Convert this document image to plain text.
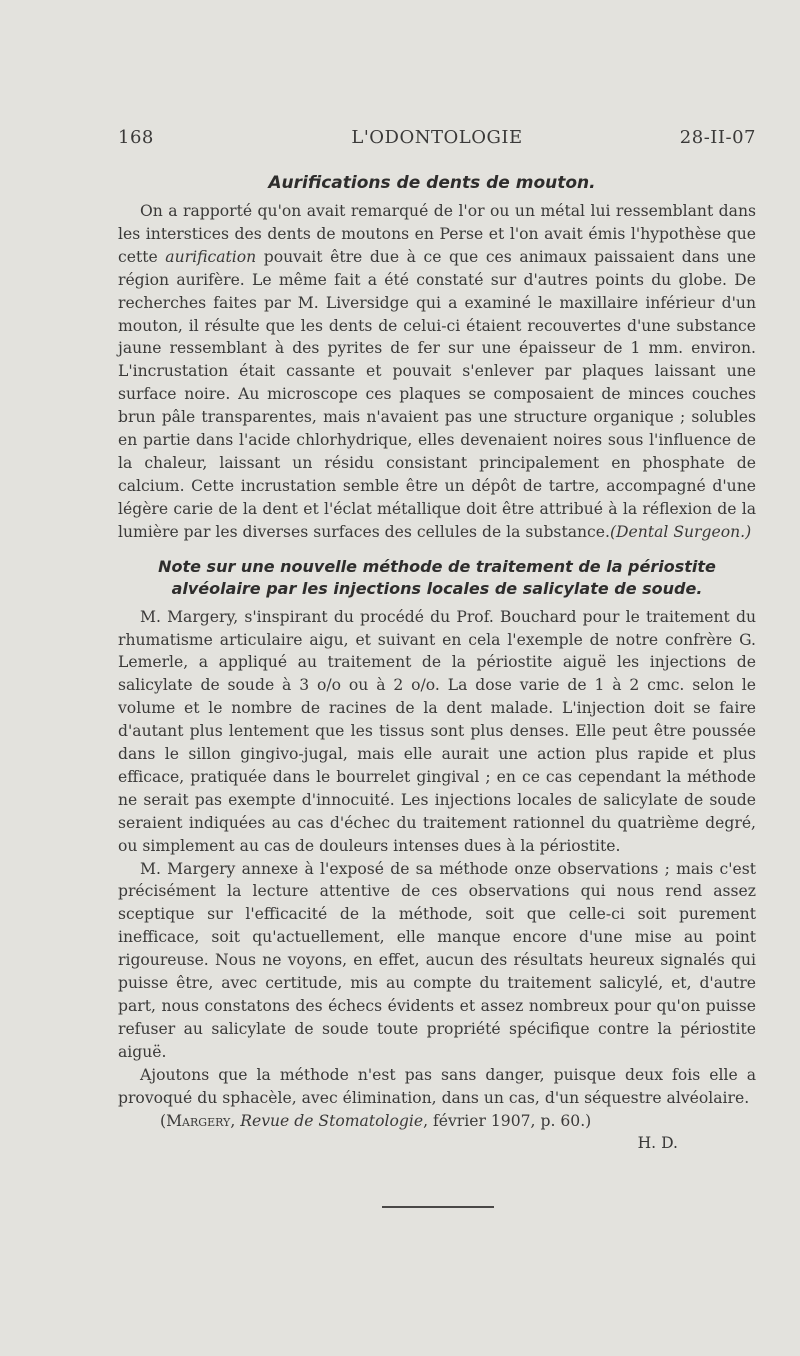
168	L'ODONTOLOGIE	28-II-07
Aurifications de dents de mouton.

On a rapporté qu'on avait remarqué de l'or ou un métal lui ressemblant dans les interstices des dents de moutons en Perse et l'on avait émis l'hypothèse que cette aurification pouvait être due à ce que ces animaux paissaient dans une région aurifère. Le même fait a été constaté sur d'autres points du globe. De recherches faites par M. Liversidge qui a examiné le maxillaire inférieur d'un mouton, il résulte que les dents de celui-ci étaient recouvertes d'une substance jaune ressemblant à des pyrites de fer sur une épaisseur de 1 mm. environ. L'incrustation était cassante et pouvait s'enlever par plaques laissant une surface noire. Au microscope ces plaques se composaient de minces couches brun pâle transparentes, mais n'avaient pas une structure organique ; solubles en partie dans l'acide chlorhydrique, elles devenaient noires sous l'influence de la chaleur, laissant un résidu consistant principalement en phosphate de calcium. Cette incrustation semble être un dépôt de tartre, accompagné d'une légère carie de la dent et l'éclat métallique doit être attribué à la réflexion de la lumière par les diverses surfaces des cellules de la substance.(Dental Surgeon.)

Note sur une nouvelle méthode de traitement de la périostite
alvéolaire par les injections locales de salicylate de soude.

M. Margery, s'inspirant du procédé du Prof. Bouchard pour le traitement du rhumatisme articulaire aigu, et suivant en cela l'exemple de notre confrère G. Lemerle, a appliqué au traitement de la périostite aiguë les injections de salicylate de soude à 3 o/o ou à 2 o/o. La dose varie de 1 à 2 cmc. selon le volume et le nombre de racines de la dent malade. L'injection doit se faire d'autant plus lentement que les tissus sont plus denses. Elle peut être poussée dans le sillon gingivo-jugal, mais elle aurait une action plus rapide et plus efficace, pratiquée dans le bourrelet gingival ; en ce cas cependant la méthode ne serait pas exempte d'innocuité. Les injections locales de salicylate de soude seraient indiquées au cas d'échec du traitement rationnel du quatrième degré, ou simplement au cas de douleurs intenses dues à la périostite.

M. Margery annexe à l'exposé de sa méthode onze observations ; mais c'est précisément la lecture attentive de ces observations qui nous rend assez sceptique sur l'efficacité de la méthode, soit que celle-ci soit purement inefficace, soit qu'actuellement, elle manque encore d'une mise au point rigoureuse. Nous ne voyons, en effet, aucun des résultats heureux signalés qui puisse être, avec certitude, mis au compte du traitement salicylé, et, d'autre part, nous constatons des échecs évidents et assez nombreux pour qu'on puisse refuser au salicylate de soude toute propriété spécifique contre la périostite aiguë.

Ajoutons que la méthode n'est pas sans danger, puisque deux fois elle a provoqué du sphacèle, avec élimination, dans un cas, d'un séquestre alvéolaire.

(Margery, Revue de Stomatologie, février 1907, p. 60.)

H. D.
